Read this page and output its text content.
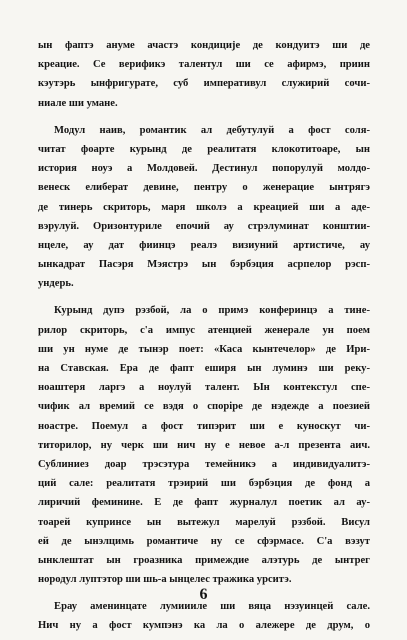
ын фаптэ ануме ачастэ кондиције де кондуитэ ши де
креацие. Се верификэ талентул ши се афирмэ, приин
кэутэрь ынфригурате, суб императивул служирий сочи-
ниале ши умане.
Модул наив, романтик ал дебутулуй а фост соля-
читат фоарте курынд де реалитатя клокотитоаре, ын
история ноуэ а Молдовей. Дестинул попорулуй молдо-
венеск елиберат девине, пентру о женерацие ынтрягэ
де тинерь скриторь, маря школэ а креацией ши а аде-
вэрулуй. Оризонтуриле епочий ау стрэлуминат конштии-
нцеле, ау дат фиинцэ реалэ визиуний артистиче, ау
ынкадрат Пасэря Мэястрэ ын бэрбэция асрпелор рэсп-
ундерь.
Курынд дупэ рэзбой, ла о примэ конферинцэ а тине-
рилор скриторь, с'а импус атенцией женерале ун поем
ши ун нуме де тынэр поет: «Каса кынтечелор» де Ири-
на Ставская. Ера де фапт еширя ын луминэ ши реку-
ноаштеря ларгэ а ноулуй талент. Ын контекстул спе-
чифик ал времий се вэдя о споріре де нэдежде а поезией
ноастре. Поемул а фост типэрит ши е куноскут чи-
титорилор, ну черк ши нич ну е невое а-л презента аич.
Сублиниез доар трэсэтура темейникэ а индивидуалитэ-
ций сале: реалитатя трэирий ши бэрбэция де фонд а
лиричий феминине. Е де фапт журналул поетик ал ау-
тоарей купринсе ын вытежул марелуй рэзбой. Висул
ей де ынэлцимь романтиче ну се сфэрмасе. С'а вэзут
ынклештат ын гроазника примеждие алэтурь де ынтрег
нородул луптэтор ши шь-а ынцелес тражика урситэ.
Ерау аменинцате лумиииле ши вяца нэзуинцей сале.
Нич ну а фост кумпэнэ ка ла о алежере де друм, о
6
